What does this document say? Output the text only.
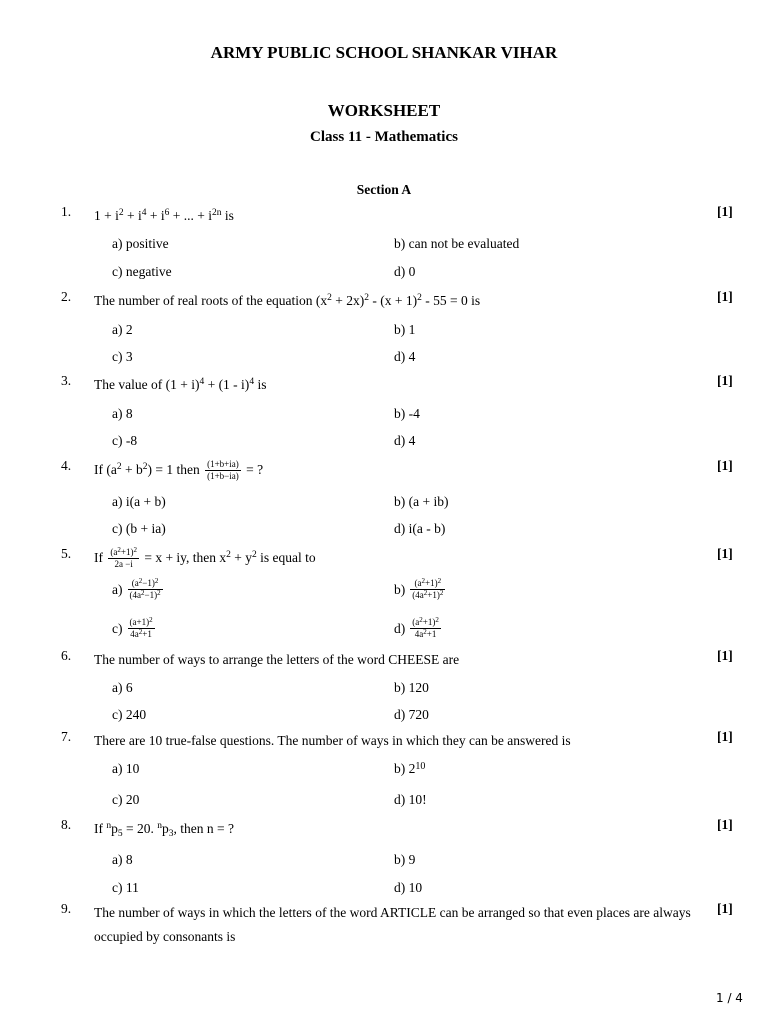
ARMY PUBLIC SCHOOL SHANKAR VIHAR
WORKSHEET
Class 11 - Mathematics
Section A
1. $1 + i^2 + i^4 + i^6$ + ... + $i^{2n}$ is	[1]
a) positive	b) can not be evaluated
c) negative	d) 0
2. The number of real roots of the equation $(x^2 + 2x)^2 - (x + 1)^2 - 55 = 0$ is	[1]
a) 2	b) 1
c) 3	d) 4
3. The value of $(1 + i)^4 + (1 - i)^4$ is	[1]
a) 8	b) -4
c) -8	d) 4
4. If $(a^2 + b^2) = 1$ then $\frac{(1+b+ia)}{(1+b-ia)}$ = ?	[1]
a) i(a + b)	b) (a + ib)
c) (b + ia)	d) i(a - b)
5. If $\frac{(a^2+1)^2}{2a -i} = x$ + iy, then $x^2 + y^2$ is equal to	[1]
$a) \frac{(a^2-1)^2}{(4a^2-1)^2}$	$b) \frac{(a^2+1)^2}{(4a^2+1)^2}$
$c) \frac{(a+1)^2}{4a^2+1}$	$d) \frac{(a^2+1)^2}{4a^2+1}$
6. The number of ways to arrange the letters of the word CHEESE are	[1]
a) 6	b) 120
c) 240	d) 720
7. There are 10 true-false questions. The number of ways in which they can be answered is	[1]
a) 10	b) $2^{10}$
c) 20	d) 10!
8. If $^np_5 = 20$. $^np_3$, then n = ?	[1]
a) 8	b) 9
c) 11	d) 10
9. The number of ways in which the letters of the word ARTICLE can be arranged so that even places are always occupied by consonants is
[1]
1 / 4
